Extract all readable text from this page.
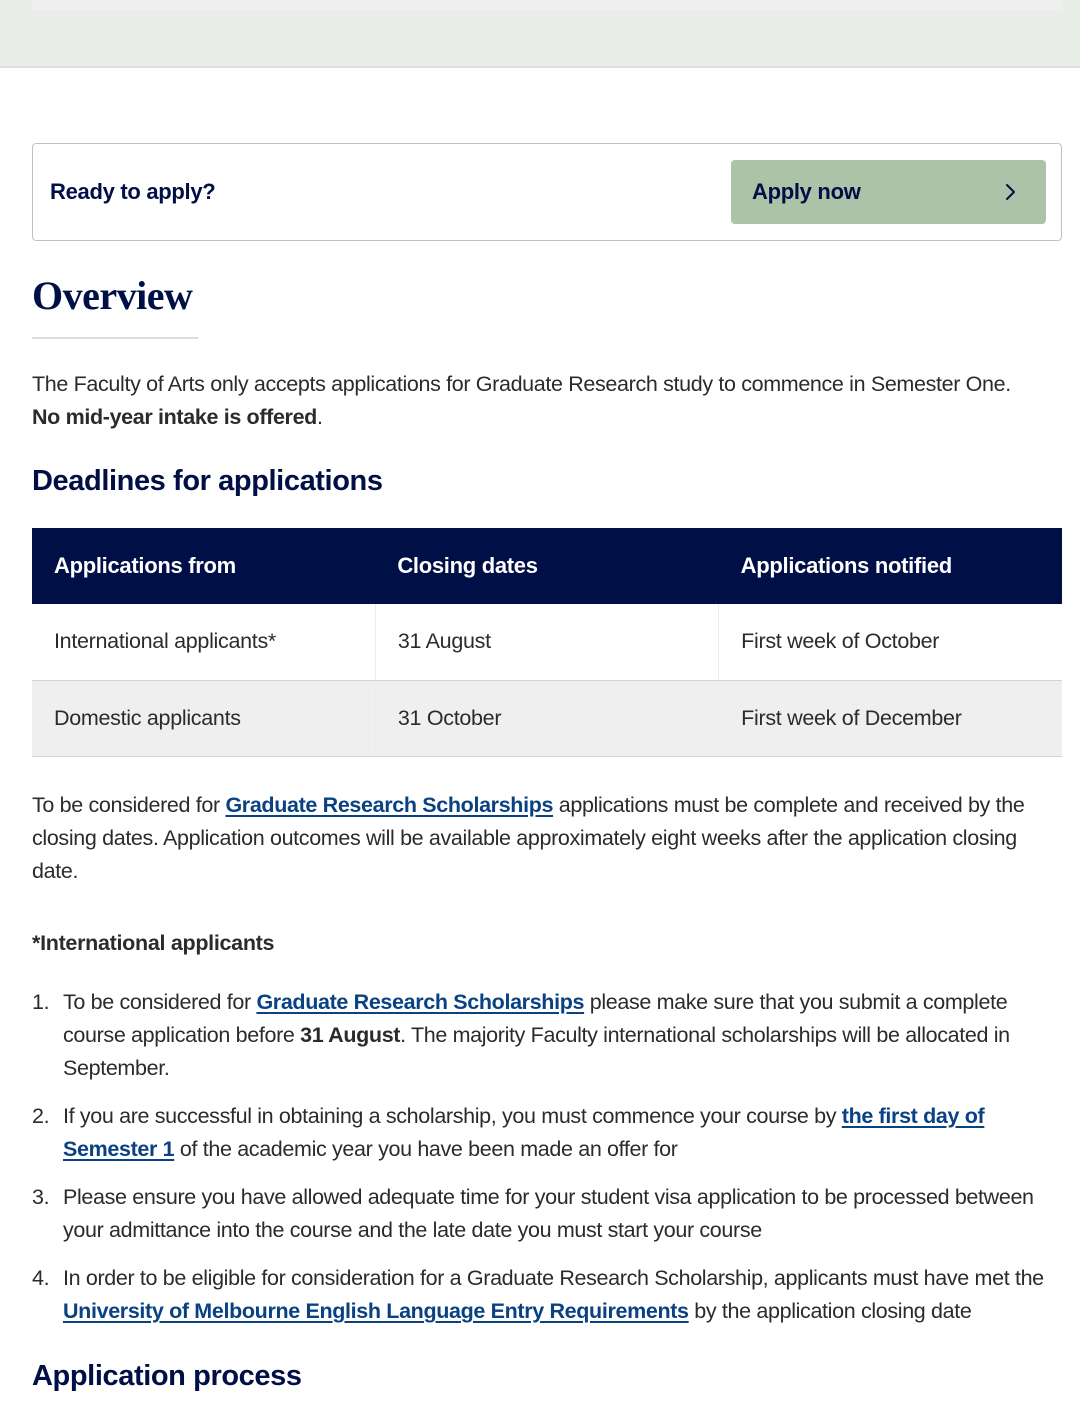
Ready to apply?	Apply now
Overview

The Faculty of Arts only accepts applications for Graduate Research study to commence in Semester One.
No mid-year intake is offered.

Deadlines for applications
Applications from	Closing dates	Applications notified
International applicants*	31 August	First week of October
Domestic applicants	31 October	First week of December

To be considered for Graduate Research Scholarships applications must be complete and received by the closing dates. Application outcomes will be available approximately eight weeks after the application closing date.

*International applicants
1. To be considered for Graduate Research Scholarships please make sure that you submit a complete course application before 31 August. The majority Faculty international scholarships will be allocated in September.
2. If you are successful in obtaining a scholarship, you must commence your course by the first day of Semester 1 of the academic year you have been made an offer for
3. Please ensure you have allowed adequate time for your student visa application to be processed between your admittance into the course and the late date you must start your course
4. In order to be eligible for consideration for a Graduate Research Scholarship, applicants must have met the University of Melbourne English Language Entry Requirements by the application closing date
Application process
